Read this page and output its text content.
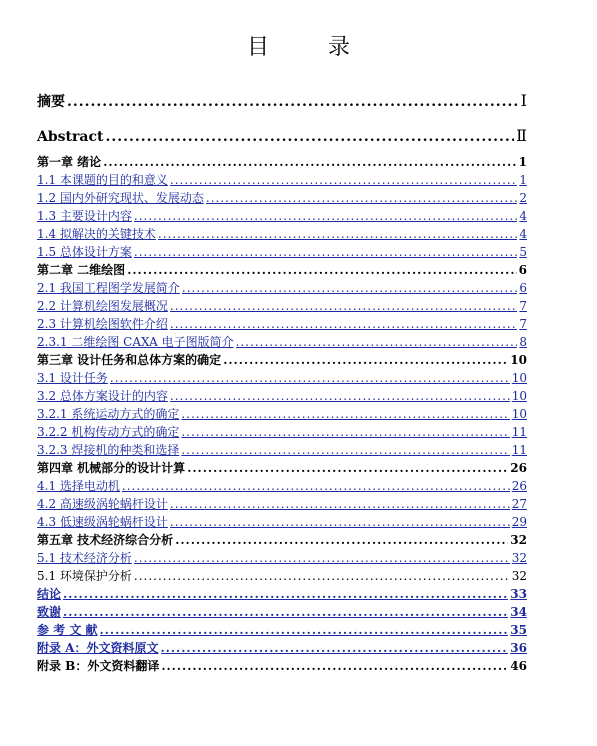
目 录
摘要 .....	Ⅰ
Abstract .....	Ⅱ
第一章 绪论 .....	1
1.1 本课题的目的和意义 .....	1
1.2 国内外研究现状、发展动态 .....	2
1.3 主要设计内容 .....	4
1.4 拟解决的关键技术 .....	4
1.5 总体设计方案 .....	5
第二章 二维绘图 .....	6
2.1 我国工程图学发展简介 .....	6
2.2 计算机绘图发展概况 .....	7
2.3 计算机绘图软件介绍 .....	7
2.3.1 二维绘图 CAXA 电子图版简介 .....	8
第三章 设计任务和总体方案的确定 .....	10
3.1 设计任务 .....	10
3.2 总体方案设计的内容 .....	10
3.2.1 系统运动方式的确定 .....	10
3.2.2 机构传动方式的确定 .....	11
3.2.3 焊接机的种类和选择 .....	11
第四章 机械部分的设计计算 .....	26
4.1 选择电动机 .....	26
4.2 高速级涡轮蜗杆设计 .....	27
4.3 低速级涡轮蜗杆设计 .....	29
第五章 技术经济综合分析 .....	32
5.1 技术经济分析 .....	32
5.1 环境保护分析 .....	32
结论 .....	33
致谢 .....	34
参 考 文 献 .....	35
附录 A：外文资料原文 .....	36
附录 B：外文资料翻译 .....	46
